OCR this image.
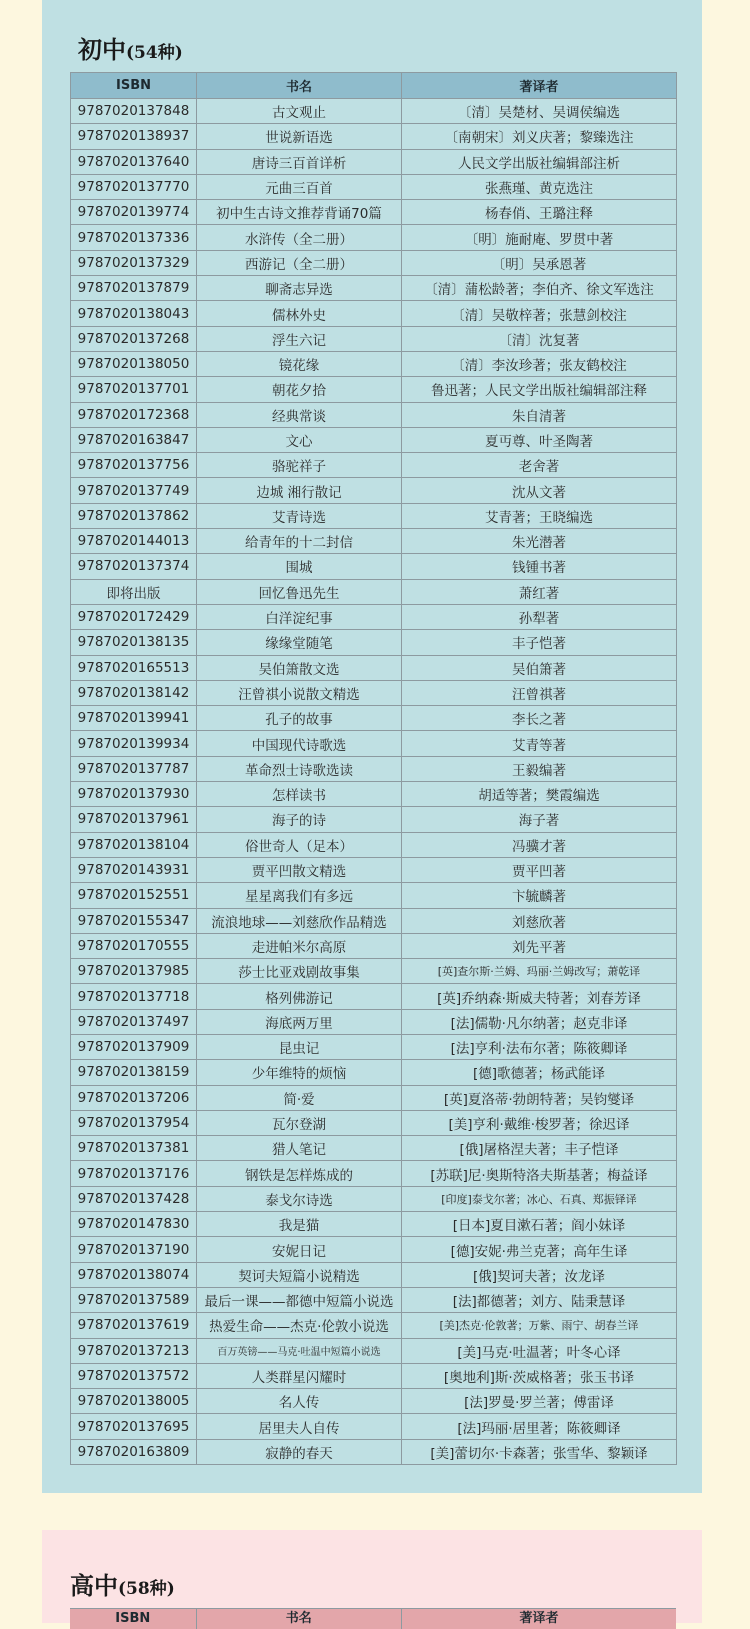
初中(54种)
ISBN	书名	著译者
9787020137848	古文观止	〔清〕吴楚材、吴调侯编选
9787020138937	世说新语选	〔南朝宋〕刘义庆著；黎臻选注
9787020137640	唐诗三百首详析	人民文学出版社编辑部注析
9787020137770	元曲三百首	张燕瑾、黄克选注
9787020139774	初中生古诗文推荐背诵70篇	杨春俏、王璐注释
9787020137336	水浒传（全二册）	〔明〕施耐庵、罗贯中著
9787020137329	西游记（全二册）	〔明〕吴承恩著
9787020137879	聊斋志异选	〔清〕蒲松龄著；李伯齐、徐文军选注
9787020138043	儒林外史	〔清〕吴敬梓著；张慧剑校注
9787020137268	浮生六记	〔清〕沈复著
9787020138050	镜花缘	〔清〕李汝珍著；张友鹤校注
9787020137701	朝花夕拾	鲁迅著；人民文学出版社编辑部注释
9787020172368	经典常谈	朱自清著
9787020163847	文心	夏丏尊、叶圣陶著
9787020137756	骆驼祥子	老舍著
9787020137749	边城 湘行散记	沈从文著
9787020137862	艾青诗选	艾青著；王晓编选
9787020144013	给青年的十二封信	朱光潜著
9787020137374	围城	钱锺书著
即将出版	回忆鲁迅先生	萧红著
9787020172429	白洋淀纪事	孙犁著
9787020138135	缘缘堂随笔	丰子恺著
9787020165513	吴伯箫散文选	吴伯箫著
9787020138142	汪曾祺小说散文精选	汪曾祺著
9787020139941	孔子的故事	李长之著
9787020139934	中国现代诗歌选	艾青等著
9787020137787	革命烈士诗歌选读	王毅编著
9787020137930	怎样读书	胡适等著；樊霞编选
9787020137961	海子的诗	海子著
9787020138104	俗世奇人（足本）	冯骥才著
9787020143931	贾平凹散文精选	贾平凹著
9787020152551	星星离我们有多远	卞毓麟著
9787020155347	流浪地球——刘慈欣作品精选	刘慈欣著
9787020170555	走进帕米尔高原	刘先平著
9787020137985	莎士比亚戏剧故事集	[英]查尔斯·兰姆、玛丽·兰姆改写；萧乾译
9787020137718	格列佛游记	[英]乔纳森·斯威夫特著；刘春芳译
9787020137497	海底两万里	[法]儒勒·凡尔纳著；赵克非译
9787020137909	昆虫记	[法]亨利·法布尔著；陈筱卿译
9787020138159	少年维特的烦恼	[德]歌德著；杨武能译
9787020137206	简·爱	[英]夏洛蒂·勃朗特著；吴钧燮译
9787020137954	瓦尔登湖	[美]亨利·戴维·梭罗著；徐迟译
9787020137381	猎人笔记	[俄]屠格涅夫著；丰子恺译
9787020137176	钢铁是怎样炼成的	[苏联]尼·奥斯特洛夫斯基著；梅益译
9787020137428	泰戈尔诗选	[印度]泰戈尔著；冰心、石真、郑振铎译
9787020147830	我是猫	[日本]夏目漱石著；阎小妹译
9787020137190	安妮日记	[德]安妮·弗兰克著；高年生译
9787020138074	契诃夫短篇小说精选	[俄]契诃夫著；汝龙译
9787020137589	最后一课——都德中短篇小说选	[法]都德著；刘方、陆秉慧译
9787020137619	热爱生命——杰克·伦敦小说选	[美]杰克·伦敦著；万紫、雨宁、胡春兰译
9787020137213	百万英镑——马克·吐温中短篇小说选	[美]马克·吐温著；叶冬心译
9787020137572	人类群星闪耀时	[奥地利]斯·茨威格著；张玉书译
9787020138005	名人传	[法]罗曼·罗兰著；傅雷译
9787020137695	居里夫人自传	[法]玛丽·居里著；陈筱卿译
9787020163809	寂静的春天	[美]蕾切尔·卡森著；张雪华、黎颖译
高中(58种)
ISBN	书名	著译者
